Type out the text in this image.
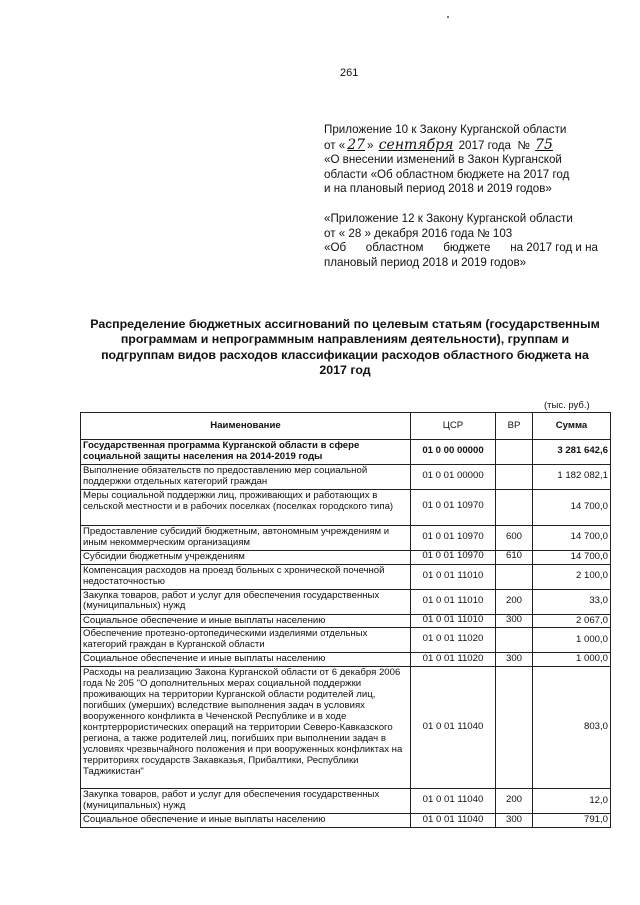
261
Приложение 10 к Закону Курганской области
от « 27 » сентября 2017 года № 75
«О внесении изменений в Закон Курганской
области «Об областном бюджете на 2017 год
и на плановый период 2018 и 2019 годов»
«Приложение 12 к Закону Курганской области
от « 28 » декабря 2016 года № 103
«Об областном бюджете на 2017 год и на
плановый период 2018 и 2019 годов»
Распределение бюджетных ассигнований по целевым статьям (государственным
программам и непрограммным направлениям деятельности), группам и
подгруппам видов расходов классификации расходов областного бюджета на
2017 год
(тыс. руб.)
Наименование	ЦСР	ВР	Сумма
Государственная программа Курганской области в сфере социальной защиты населения на 2014-2019 годы	01 0 00 00000		3 281 642,6
Выполнение обязательств по предоставлению мер социальной поддержки отдельных категорий граждан	01 0 01 00000		1 182 082,1
Меры социальной поддержки лиц, проживающих и работающих в сельской местности и в рабочих поселках (поселках городского типа)	01 0 01 10970		14 700,0
Предоставление субсидий бюджетным, автономным учреждениям и иным некоммерческим организациям	01 0 01 10970	600	14 700,0
Субсидии бюджетным учреждениям	01 0 01 10970	610	14 700,0
Компенсация расходов на проезд больных с хронической почечной недостаточностью	01 0 01 11010		2 100,0
Закупка товаров, работ и услуг для обеспечения государственных (муниципальных) нужд	01 0 01 11010	200	33,0
Социальное обеспечение и иные выплаты населению	01 0 01 11010	300	2 067,0
Обеспечение протезно-ортопедическими изделиями отдельных категорий граждан в Курганской области	01 0 01 11020		1 000,0
Социальное обеспечение и иные выплаты населению	01 0 01 11020	300	1 000,0
Расходы на реализацию Закона Курганской области от 6 декабря 2006 года № 205 "О дополнительных мерах социальной поддержки проживающих на территории Курганской области родителей лиц, погибших (умерших) вследствие выполнения задач в условиях вооруженного конфликта в Чеченской Республике и в ходе контртеррористических операций на территории Северо-Кавказского региона, а также родителей лиц, погибших при выполнении задач в условиях чрезвычайного положения и при вооруженных конфликтах на территориях государств Закавказья, Прибалтики, Республики Таджикистан"	01 0 01 11040		803,0
Закупка товаров, работ и услуг для обеспечения государственных (муниципальных) нужд	01 0 01 11040	200	12,0
Социальное обеспечение и иные выплаты населению	01 0 01 11040	300	791,0
